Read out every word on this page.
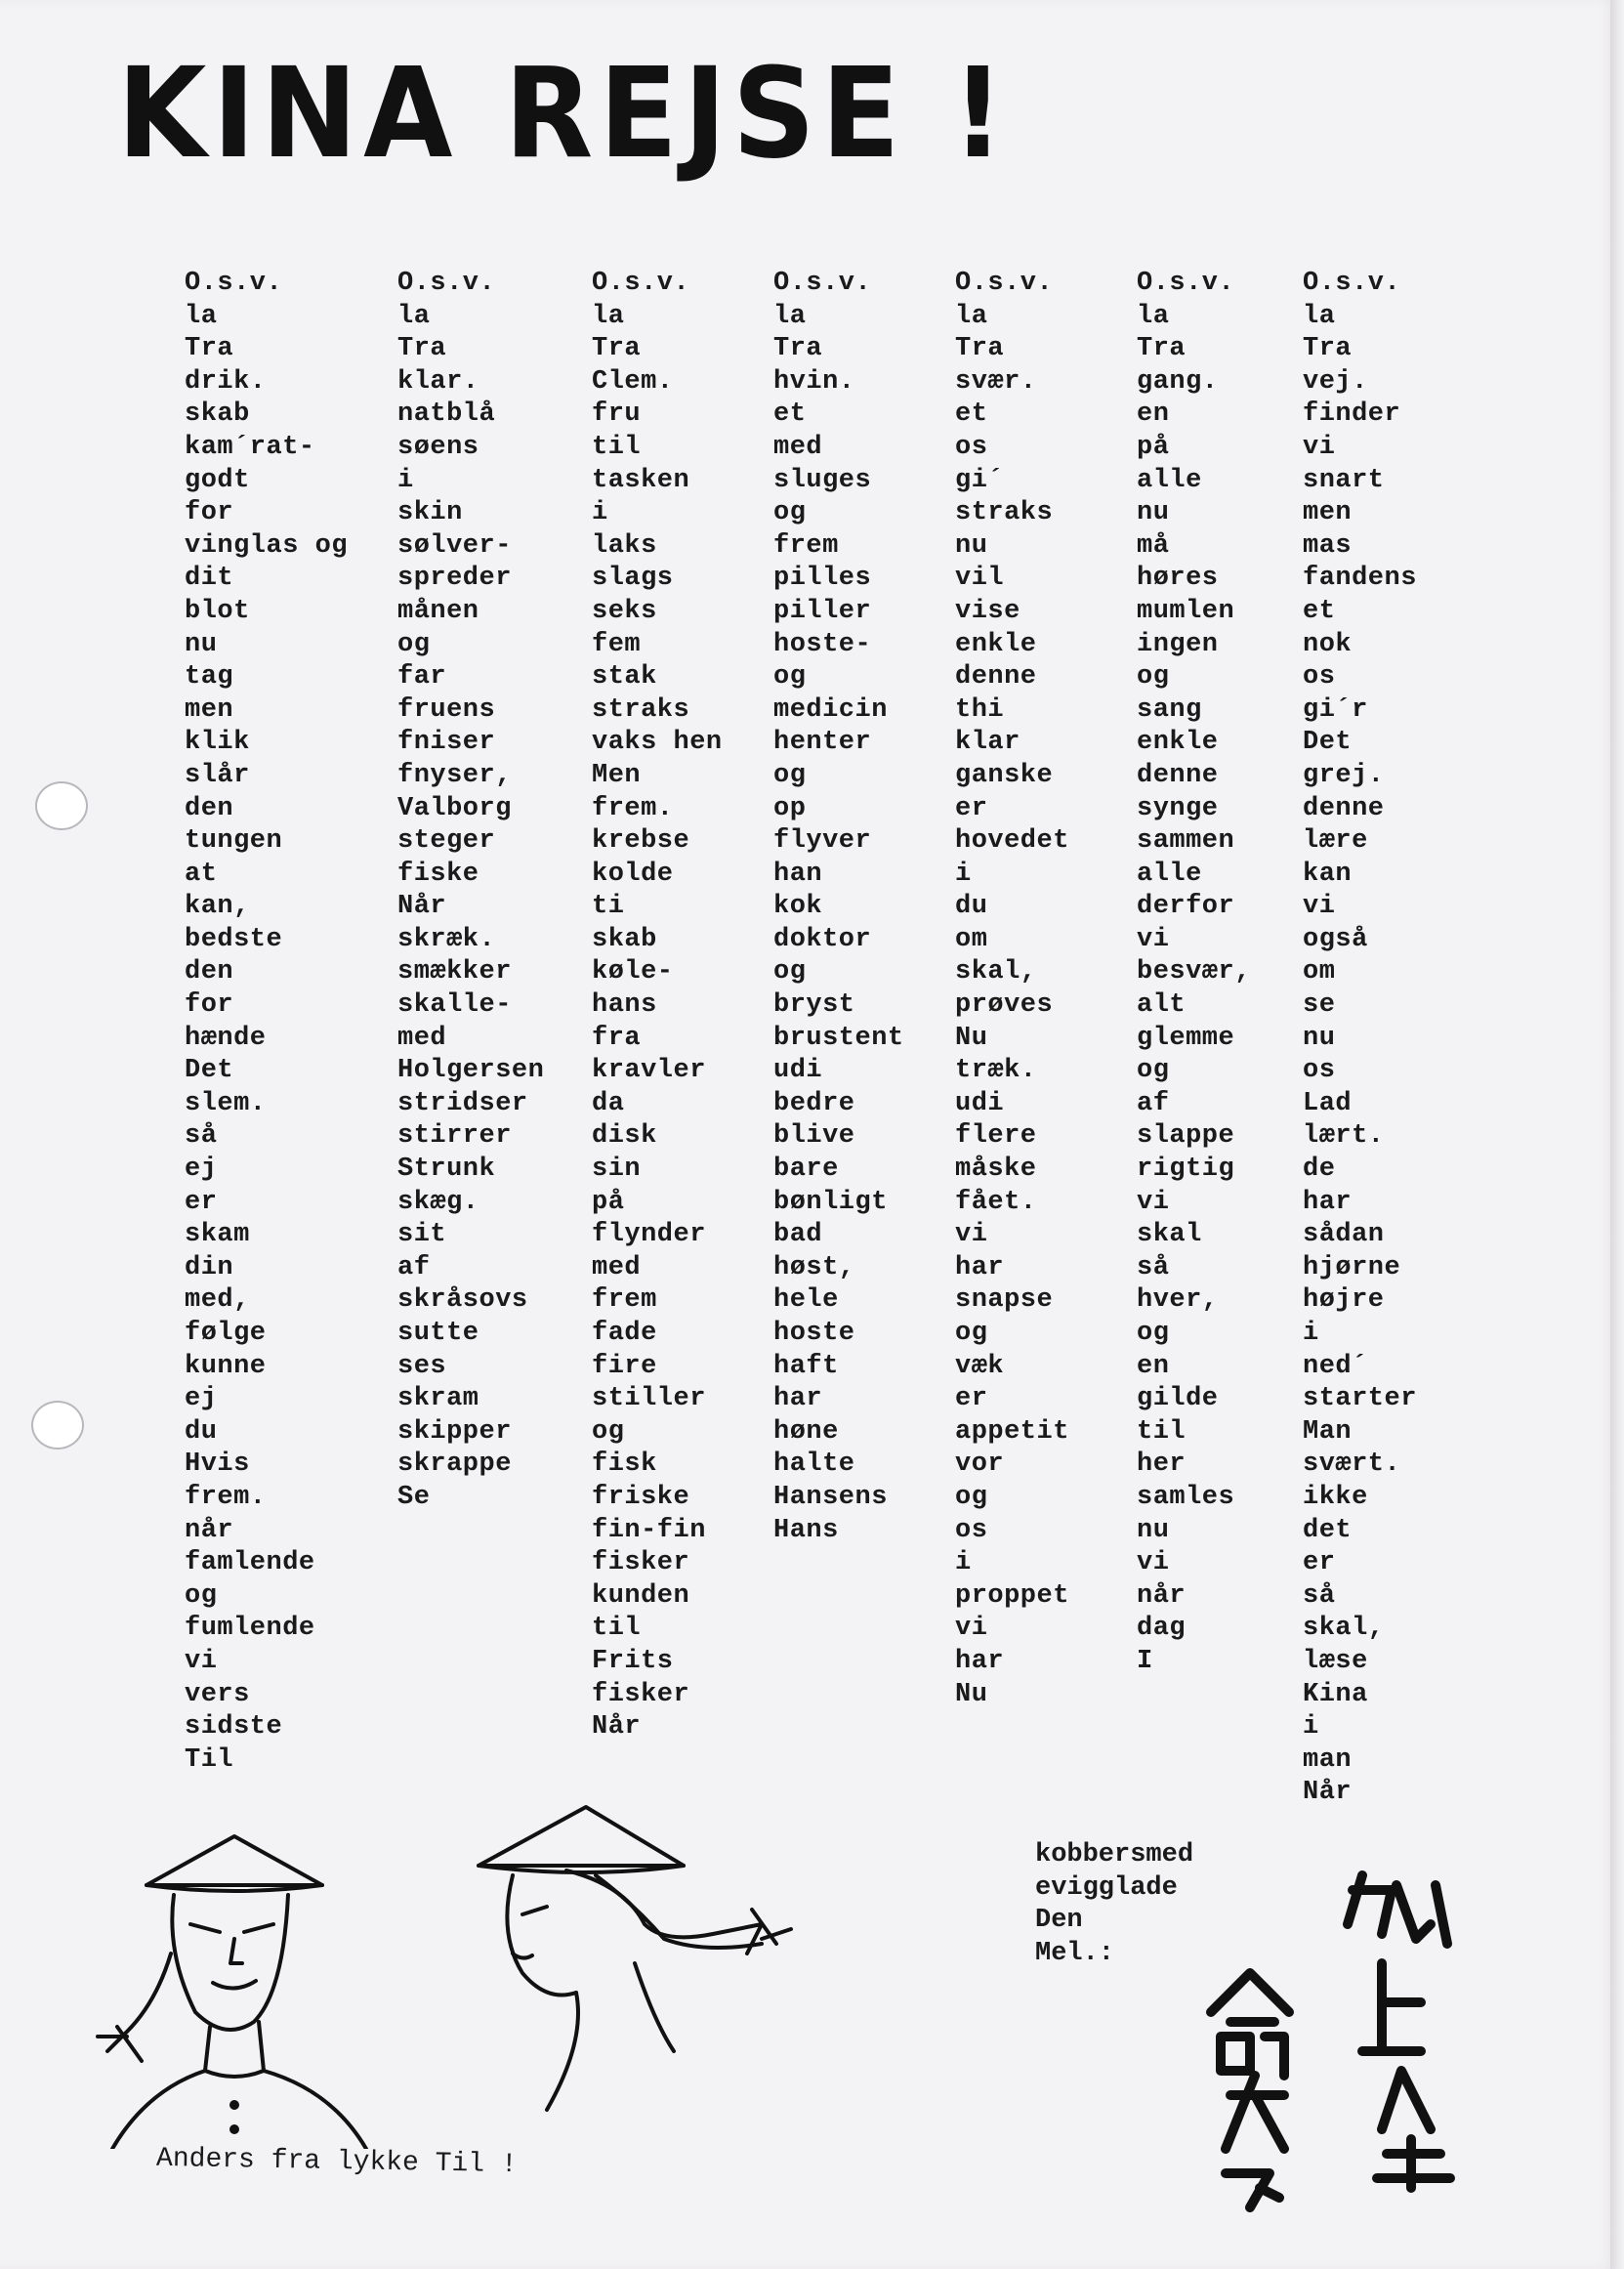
KINA REJSE !
O.s.v.
la
Tra
drik.
skab
kam´rat-
godt
for
vinglas og
dit
blot
nu
tag
men
klik
slår
den
tungen
at
kan,
bedste
den
for
hænde
Det
slem.
så
ej
er
skam
din
med,
følge
kunne
ej
du
Hvis
frem.
når
famlende
og
fumlende
vi
vers
sidste
Til
O.s.v.
la
Tra
klar.
natblå
søens
i
skin
sølver-
spreder
månen
og
far
fruens
fniser
fnyser,
Valborg
steger
fiske
Når
skræk.
smækker
skalle-
med
Holgersen
stridser
stirrer
Strunk
skæg.
sit
af
skråsovs
sutte
ses
skram
skipper
skrappe
Se
O.s.v.
la
Tra
Clem.
fru
til
tasken
i
laks
slags
seks
fem
stak
straks
vaks hen
Men
frem.
krebse
kolde
ti
skab
køle-
hans
fra
kravler
da
disk
sin
på
flynder
med
frem
fade
fire
stiller
og
fisk
friske
fin-fin
fisker
kunden
til
Frits
fisker
Når
O.s.v.
la
Tra
hvin.
et
med
sluges
og
frem
pilles
piller
hoste-
og
medicin
henter
og
op
flyver
han
kok
doktor
og
bryst
brustent
udi
bedre
blive
bare
bønligt
bad
høst,
hele
hoste
haft
har
høne
halte
Hansens
Hans
O.s.v.
la
Tra
svær.
et
os
gi´
straks
nu
vil
vise
enkle
denne
thi
klar
ganske
er
hovedet
i
du
om
skal,
prøves
Nu
træk.
udi
flere
måske
fået.
vi
har
snapse
og
væk
er
appetit
vor
og
os
i
proppet
vi
har
Nu
O.s.v.
la
Tra
gang.
en
på
alle
nu
må
høres
mumlen
ingen
og
sang
enkle
denne
synge
sammen
alle
derfor
vi
besvær,
alt
glemme
og
af
slappe
rigtig
vi
skal
så
hver,
og
en
gilde
til
her
samles
nu
vi
når
dag
I
O.s.v.
la
Tra
vej.
finder
vi
snart
men
mas
fandens
et
nok
os
gi´r
Det
grej.
denne
lære
kan
vi
også
om
se
nu
os
Lad
lært.
de
har
sådan
hjørne
højre
i
ned´
starter
Man
svært.
ikke
det
er
så
skal,
læse
Kina
i
man
Når
kobbersmed
evigglade
Den
Mel.:
Anders fra lykke Til !
